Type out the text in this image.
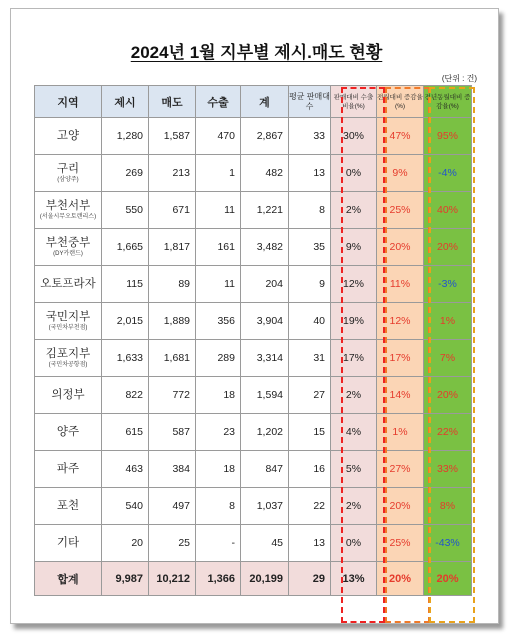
2024년 1월 지부별 제시.매도 현황
(단위 : 건)
지역	제시	매도	수출	계	평균 판매대수	판매대비 수출비율(%)	전월대비 증감율(%)	전년동월대비 증감율(%)
고양	1,280	1,587	470	2,867	33	30%	47%	95%
구리
(삼양주)	269	213	1	482	13	0%	9%	-4%
부천서부
(서울시무오토랜리스)	550	671	11	1,221	8	2%	25%	40%
부천중부
(DY카랜드)	1,665	1,817	161	3,482	35	9%	20%	20%
오토프라자	115	89	11	204	9	12%	11%	-3%
국민지부
(국민차부천점)	2,015	1,889	356	3,904	40	19%	12%	1%
김포지부
(국민차공항점)	1,633	1,681	289	3,314	31	17%	17%	7%
의정부	822	772	18	1,594	27	2%	14%	20%
양주	615	587	23	1,202	15	4%	1%	22%
파주	463	384	18	847	16	5%	27%	33%
포천	540	497	8	1,037	22	2%	20%	8%
기타	20	25	-	45	13	0%	25%	-43%
합계	9,987	10,212	1,366	20,199	29	13%	20%	20%
